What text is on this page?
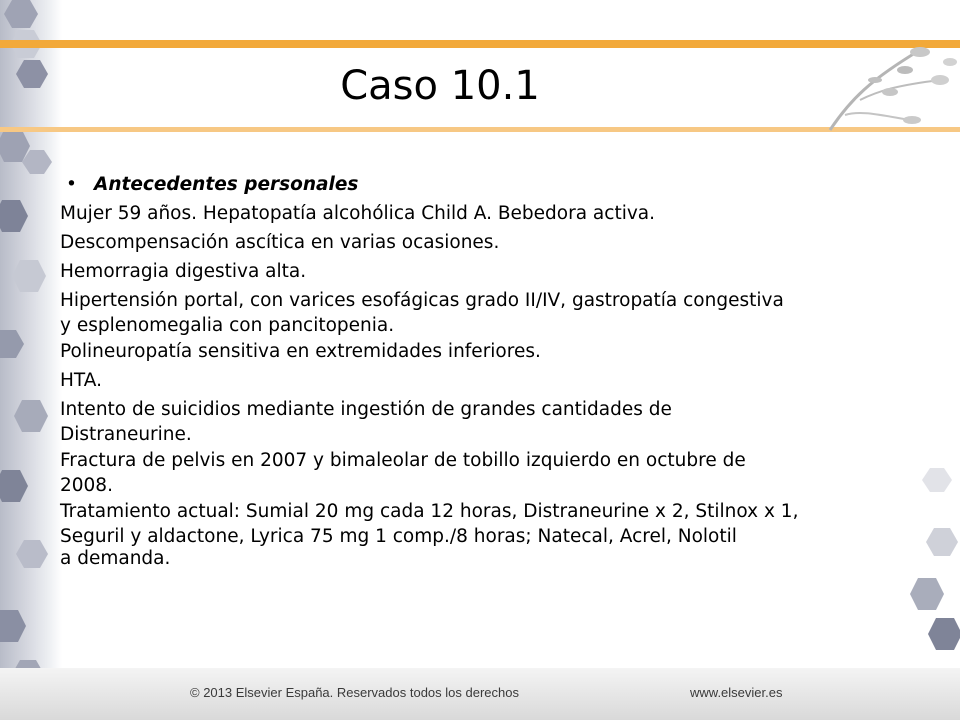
Caso 10.1
• Antecedentes personales

Mujer 59 años. Hepatopatía alcohólica Child A. Bebedora activa.

Descompensación ascítica en varias ocasiones.

Hemorragia digestiva alta.

Hipertensión portal, con varices esofágicas grado II/IV, gastropatía congestiva
y esplenomegalia con pancitopenia.

Polineuropatía sensitiva en extremidades inferiores.

HTA.

Intento de suicidios mediante ingestión de grandes cantidades de
Distraneurine.

Fractura de pelvis en 2007 y bimaleolar de tobillo izquierdo en octubre de
2008.

Tratamiento actual: Sumial 20 mg cada 12 horas, Distraneurine x 2, Stilnox x 1,
Seguril y aldactone, Lyrica 75 mg 1 comp./8 horas; Natecal, Acrel, Nolotil
a demanda.

© 2013 Elsevier España. Reservados todos los derechos	www.elsevier.es
